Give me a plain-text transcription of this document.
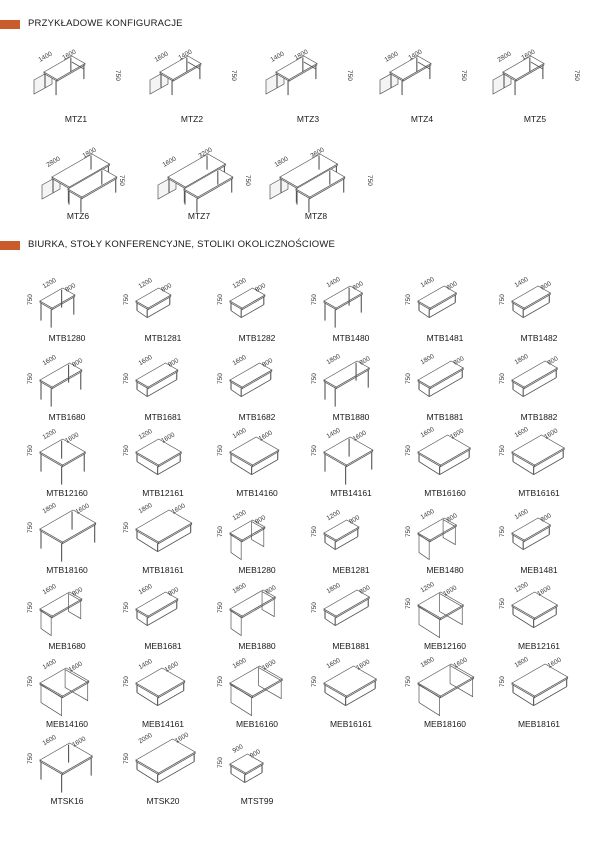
PRZYKŁADOWE KONFIGURACJE
BIURKA, STOŁY KONFERENCYJNE, STOLIKI OKOLICZNOŚCIOWE
1400 1600
750
MTZ1
1600 1400
750
MTZ2
1400 1800
750
MTZ3
1800 1400
750
MTZ4
2800 1600
750
MTZ5
2800
1800
750
MTZ6
1600
3200
750
MTZ7
1800
3600
750
MTZ8
1200 800
750
MTB1280
1200 800
750
MTB1281
1200 800
750
MTB1282
1400 800
750
MTB1480
1400 800
750
MTB1481
1400 800
750
MTB1482
1600 800
750
MTB1680
1600 800
750
MTB1681
1600 800
750
MTB1682
1800	800
750
MTB1880
1800	800
750
MTB1881
1800	800
750
MTB1882
1200 1600
750
MTB12160
1200 1600
750
MTB12161
1400 1600
750
MTB14160
1400 1600
750
MTB14161
1600 1600
750
MTB16160
1600 1600
750
MTB16161
1800	1600
750
MTB18160
1800	1600
750
MTB18161
1200 800
750
MEB1280
1200 800
750
MEB1281
1400 800
750
MEB1480
1400 800
750
MEB1481
1600 800
750
MEB1680
1600 800
750
MEB1681
1800	800
750
MEB1880
1800	800
750
MEB1881
1200 1600
750
MEB12160
1200 1600
750
MEB12161
1400 1600
750
MEB14160
1400 1600
750
MEB14161
1600 1600
750
MEB16160
1600 1600
750
MEB16161
1800	1600
750
MEB18160
1800	1600
750
MEB18161
1600 1600
750
MTSK16
2000	1600
750
MTSK20
900 900
750
MTST99
